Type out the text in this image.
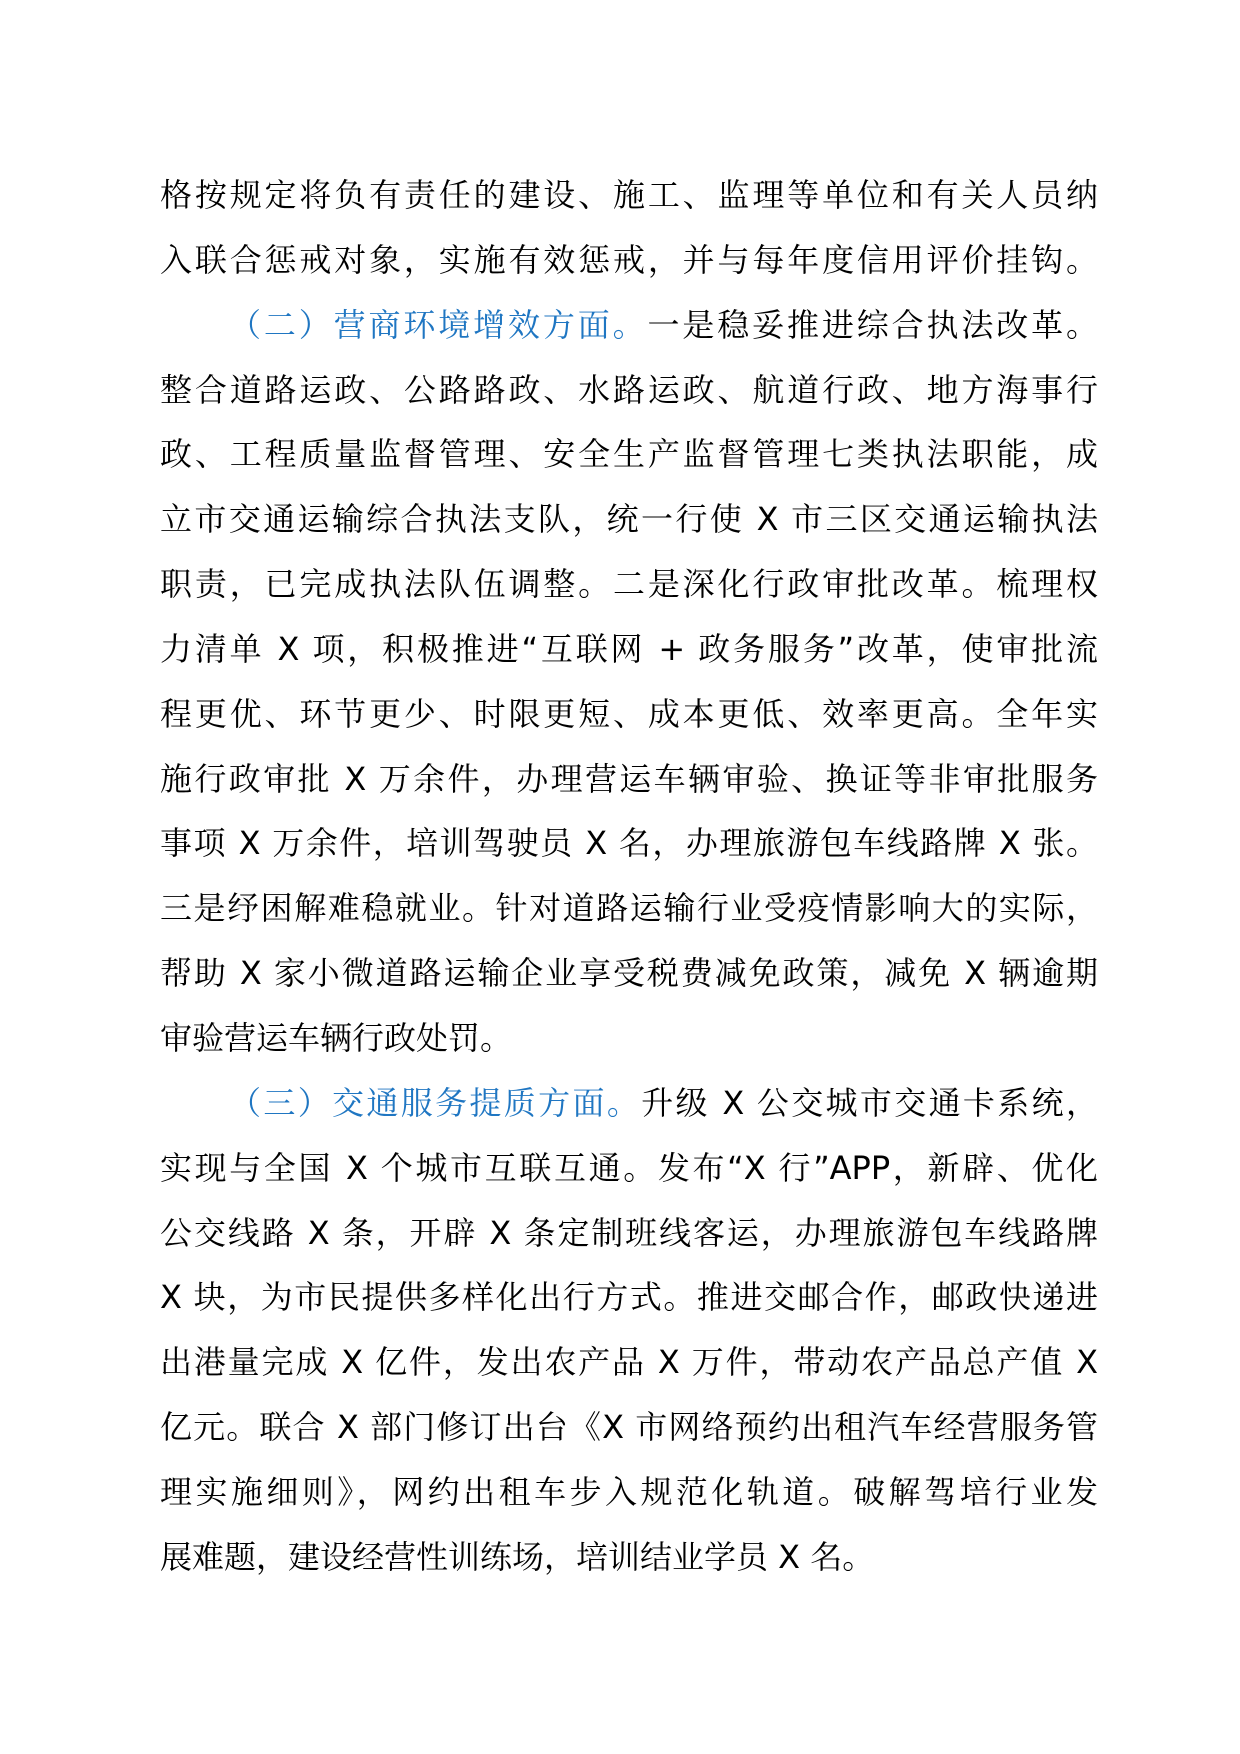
格按规定将负有责任的建设、施工、监理等单位和有关人员纳
入联合惩戒对象，实施有效惩戒，并与每年度信用评价挂钩。
（二）营商环境增效方面。一是稳妥推进综合执法改革。
整合道路运政、公路路政、水路运政、航道行政、地方海事行
政、工程质量监督管理、安全生产监督管理七类执法职能，成
立市交通运输综合执法支队，统一行使 X 市三区交通运输执法
职责，已完成执法队伍调整。二是深化行政审批改革。梳理权
力清单 X 项，积极推进“互联网 + 政务服务”改革，使审批流
程更优、环节更少、时限更短、成本更低、效率更高。全年实
施行政审批 X 万余件，办理营运车辆审验、换证等非审批服务
事项 X 万余件，培训驾驶员 X 名，办理旅游包车线路牌 X 张。
三是纾困解难稳就业。针对道路运输行业受疫情影响大的实际，
帮助 X 家小微道路运输企业享受税费减免政策，减免 X 辆逾期
审验营运车辆行政处罚。
（三）交通服务提质方面。升级 X 公交城市交通卡系统，
实现与全国 X 个城市互联互通。发布“X 行”APP，新辟、优化
公交线路 X 条，开辟 X 条定制班线客运，办理旅游包车线路牌
X 块，为市民提供多样化出行方式。推进交邮合作，邮政快递进
出港量完成 X 亿件，发出农产品 X 万件，带动农产品总产值 X
亿元。联合 X 部门修订出台《X 市网络预约出租汽车经营服务管
理实施细则》，网约出租车步入规范化轨道。破解驾培行业发
展难题，建设经营性训练场，培训结业学员 X 名。
